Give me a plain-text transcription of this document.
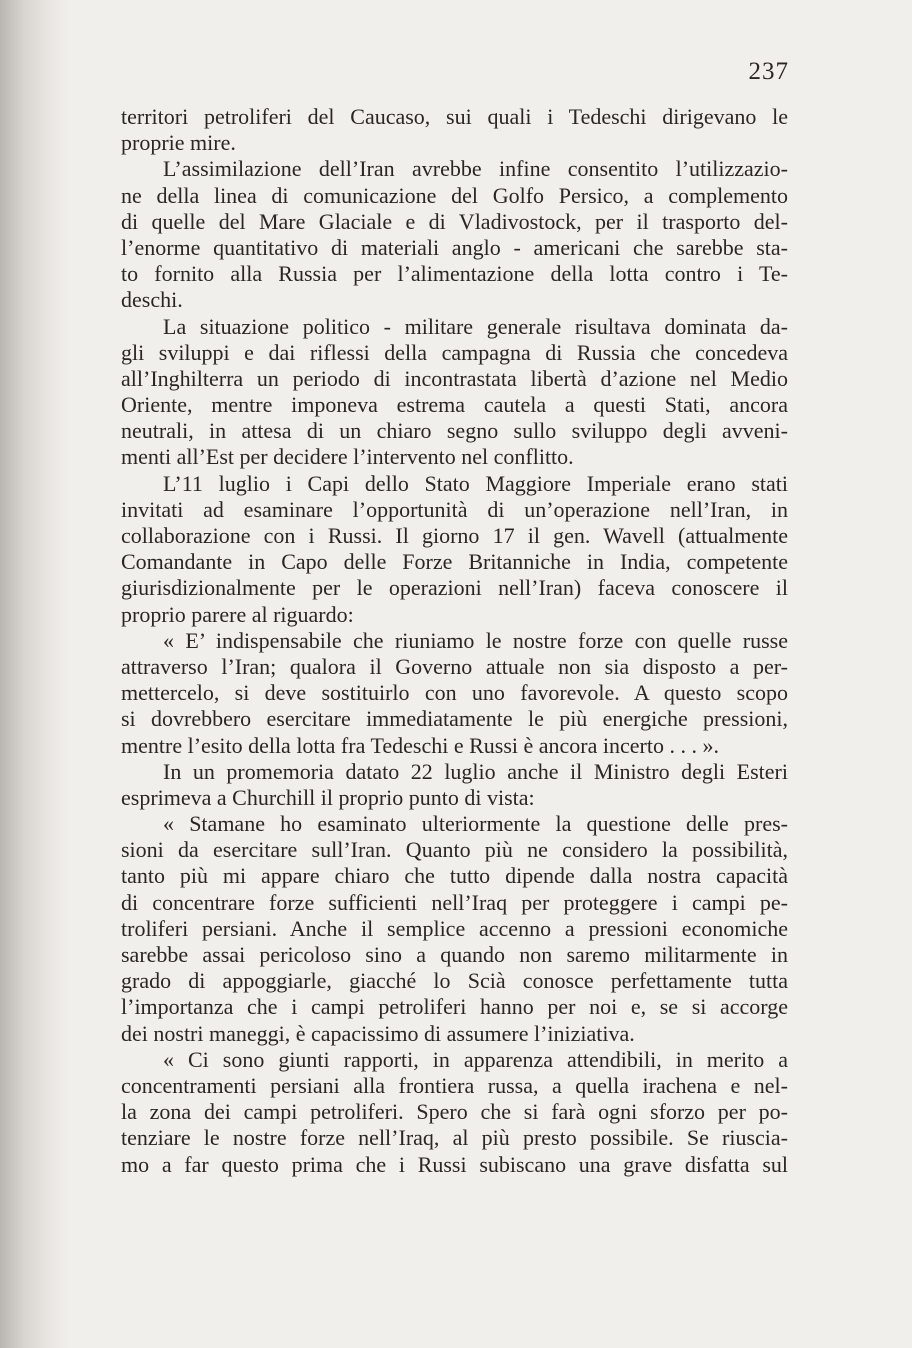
237
territori petroliferi del Caucaso, sui quali i Tedeschi dirigevano le
proprie mire.
L’assimilazione dell’Iran avrebbe infine consentito l’utilizzazio-
ne della linea di comunicazione del Golfo Persico, a complemento
di quelle del Mare Glaciale e di Vladivostock, per il trasporto del-
l’enorme quantitativo di materiali anglo - americani che sarebbe sta-
to fornito alla Russia per l’alimentazione della lotta contro i Te-
deschi.
La situazione politico - militare generale risultava dominata da-
gli sviluppi e dai riflessi della campagna di Russia che concedeva
all’Inghilterra un periodo di incontrastata libertà d’azione nel Medio
Oriente, mentre imponeva estrema cautela a questi Stati, ancora
neutrali, in attesa di un chiaro segno sullo sviluppo degli avveni-
menti all’Est per decidere l’intervento nel conflitto.
L’11 luglio i Capi dello Stato Maggiore Imperiale erano stati
invitati ad esaminare l’opportunità di un’operazione nell’Iran, in
collaborazione con i Russi. Il giorno 17 il gen. Wavell (attualmente
Comandante in Capo delle Forze Britanniche in India, competente
giurisdizionalmente per le operazioni nell’Iran) faceva conoscere il
proprio parere al riguardo:
« E’ indispensabile che riuniamo le nostre forze con quelle russe
attraverso l’Iran; qualora il Governo attuale non sia disposto a per-
mettercelo, si deve sostituirlo con uno favorevole. A questo scopo
si dovrebbero esercitare immediatamente le più energiche pressioni,
mentre l’esito della lotta fra Tedeschi e Russi è ancora incerto . . . ».
In un promemoria datato 22 luglio anche il Ministro degli Esteri
esprimeva a Churchill il proprio punto di vista:
« Stamane ho esaminato ulteriormente la questione delle pres-
sioni da esercitare sull’Iran. Quanto più ne considero la possibilità,
tanto più mi appare chiaro che tutto dipende dalla nostra capacità
di concentrare forze sufficienti nell’Iraq per proteggere i campi pe-
troliferi persiani. Anche il semplice accenno a pressioni economiche
sarebbe assai pericoloso sino a quando non saremo militarmente in
grado di appoggiarle, giacché lo Scià conosce perfettamente tutta
l’importanza che i campi petroliferi hanno per noi e, se si accorge
dei nostri maneggi, è capacissimo di assumere l’iniziativa.
« Ci sono giunti rapporti, in apparenza attendibili, in merito a
concentramenti persiani alla frontiera russa, a quella irachena e nel-
la zona dei campi petroliferi. Spero che si farà ogni sforzo per po-
tenziare le nostre forze nell’Iraq, al più presto possibile. Se riuscia-
mo a far questo prima che i Russi subiscano una grave disfatta sul
